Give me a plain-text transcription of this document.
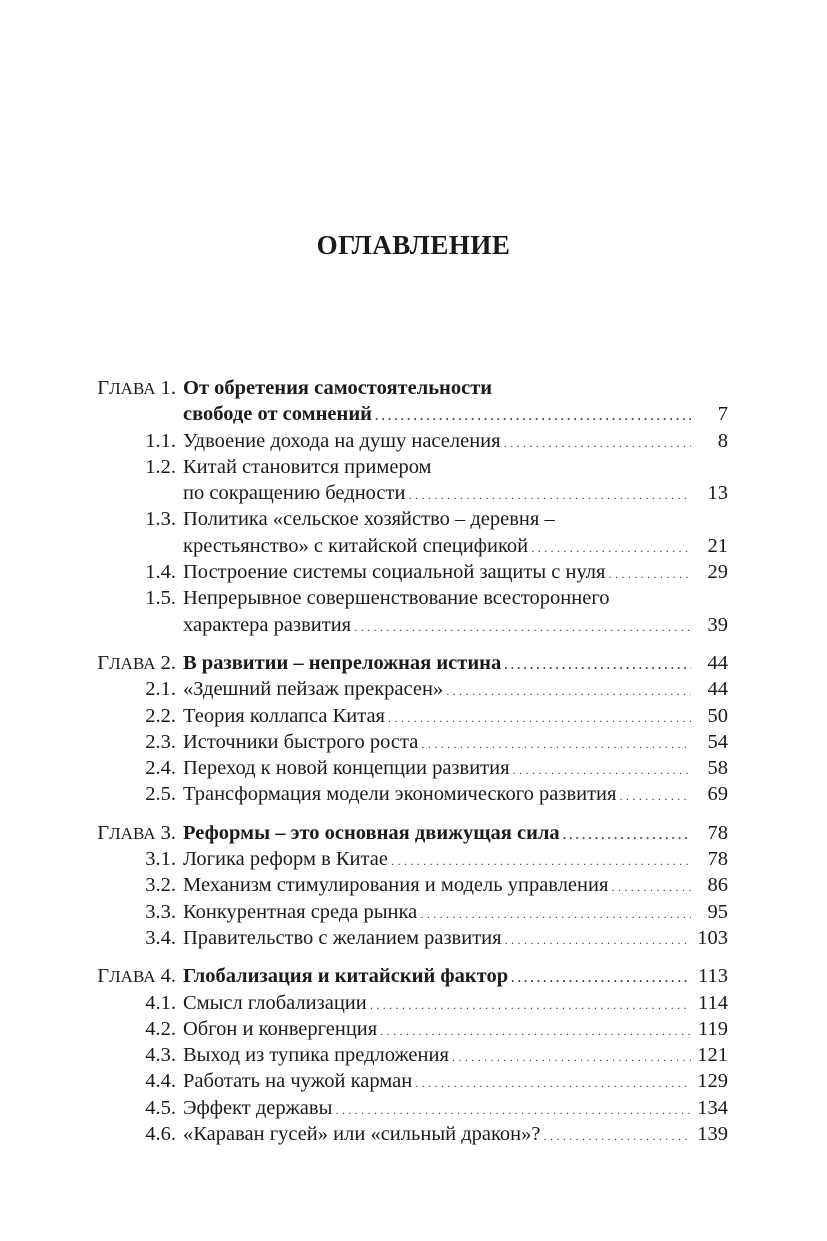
ОГЛАВЛЕНИЕ
ГЛАВА 1. От обретения самостоятельности
свободе от сомнений . . .	7
1.1. Удвоение дохода на душу населения . . .	8
1.2. Китай становится примером
по сокращению бедности . . .	13
1.3. Политика «сельское хозяйство – деревня –
крестьянство» с китайской спецификой . . .	21
1.4. Построение системы социальной защиты с нуля . . .	29
1.5. Непрерывное совершенствование всестороннего
характера развития . . .	39
ГЛАВА 2. В развитии – непреложная истина . . .	44
2.1. «Здешний пейзаж прекрасен» . . .	44
2.2. Теория коллапса Китая . . .	50
2.3. Источники быстрого роста . . .	54
2.4. Переход к новой концепции развития . . .	58
2.5. Трансформация модели экономического развития . . .	69
ГЛАВА 3. Реформы – это основная движущая сила . . .	78
3.1. Логика реформ в Китае . . .	78
3.2. Механизм стимулирования и модель управления . . .	86
3.3. Конкурентная среда рынка . . .	95
3.4. Правительство с желанием развития . . .	103
ГЛАВА 4. Глобализация и китайский фактор . . .	113
4.1. Смысл глобализации . . .	114
4.2. Обгон и конвергенция . . .	119
4.3. Выход из тупика предложения . . .	121
4.4. Работать на чужой карман . . .	129
4.5. Эффект державы . . .	134
4.6. «Караван гусей» или «сильный дракон»? . . .	139
